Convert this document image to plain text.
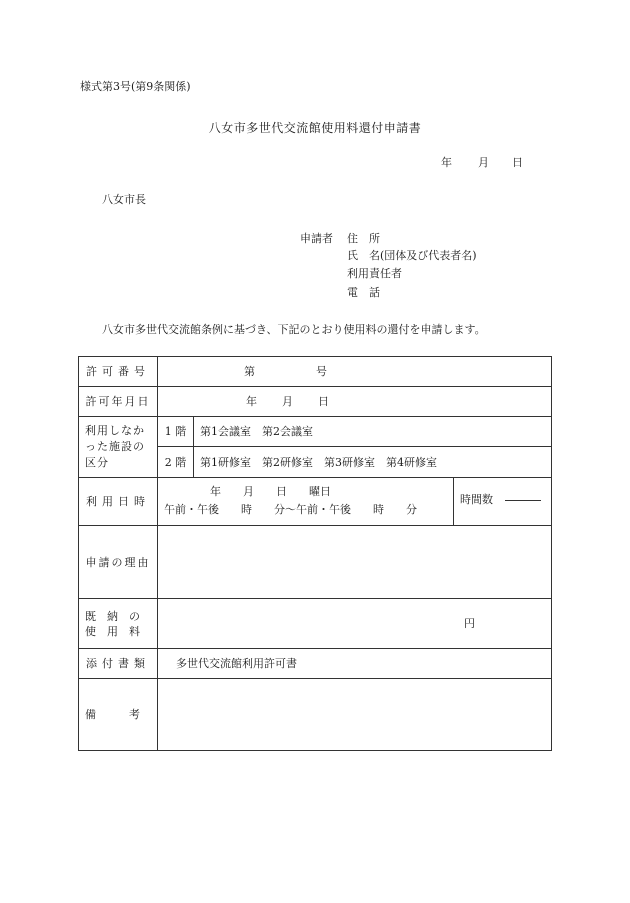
様式第3号(第9条関係)
八女市多世代交流館使用料還付申請書
年 月 日
八女市長
申請者 住　所
氏　名(団体及び代表者名)
利用責任者
電　話
八女市多世代交流館条例に基づき、下記のとおり使用料の還付を申請します。
許可番号	第 号		

許可年月日	年 月 日		

利用しなかった施設の区分	1 階	第1会議室　第2会議室	
	2 階	第1研修室　第2研修室　第3研修室　第4研修室	
利用日時	年　　月　　日　　曜日
午前・午後　　時　　分〜午前・午後　　時　　分		時間数
申請の理由			

既　納　の
使　用　料	円		

添付書類	多世代交流館利用許可書		
備　　　考			
